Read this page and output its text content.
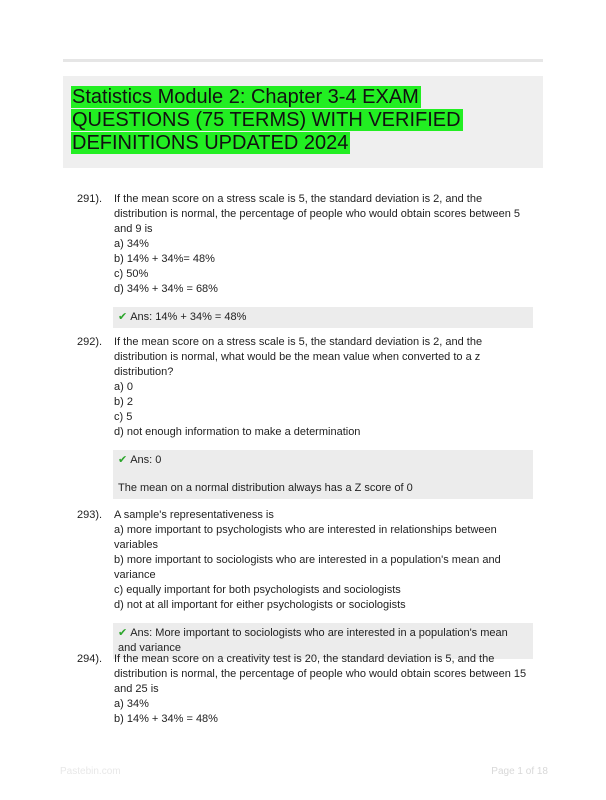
Statistics Module 2: Chapter 3-4 EXAM QUESTIONS (75 TERMS) WITH VERIFIED DEFINITIONS UPDATED 2024
291). If the mean score on a stress scale is 5, the standard deviation is 2, and the distribution is normal, the percentage of people who would obtain scores between 5 and 9 is
a) 34%
b) 14% + 34%= 48%
c) 50%
d) 34% + 34% = 68%
✔ Ans: 14% + 34% = 48%
292). If the mean score on a stress scale is 5, the standard deviation is 2, and the distribution is normal, what would be the mean value when converted to a z distribution?
a) 0
b) 2
c) 5
d) not enough information to make a determination
✔ Ans: 0
The mean on a normal distribution always has a Z score of 0
293). A sample's representativeness is
a) more important to psychologists who are interested in relationships between variables
b) more important to sociologists who are interested in a population's mean and variance
c) equally important for both psychologists and sociologists
d) not at all important for either psychologists or sociologists
✔ Ans: More important to sociologists who are interested in a population's mean and variance
294). If the mean score on a creativity test is 20, the standard deviation is 5, and the distribution is normal, the percentage of people who would obtain scores between 15 and 25 is
a) 34%
b) 14% + 34% = 48%
Pastebin.com	Page 1 of 18
